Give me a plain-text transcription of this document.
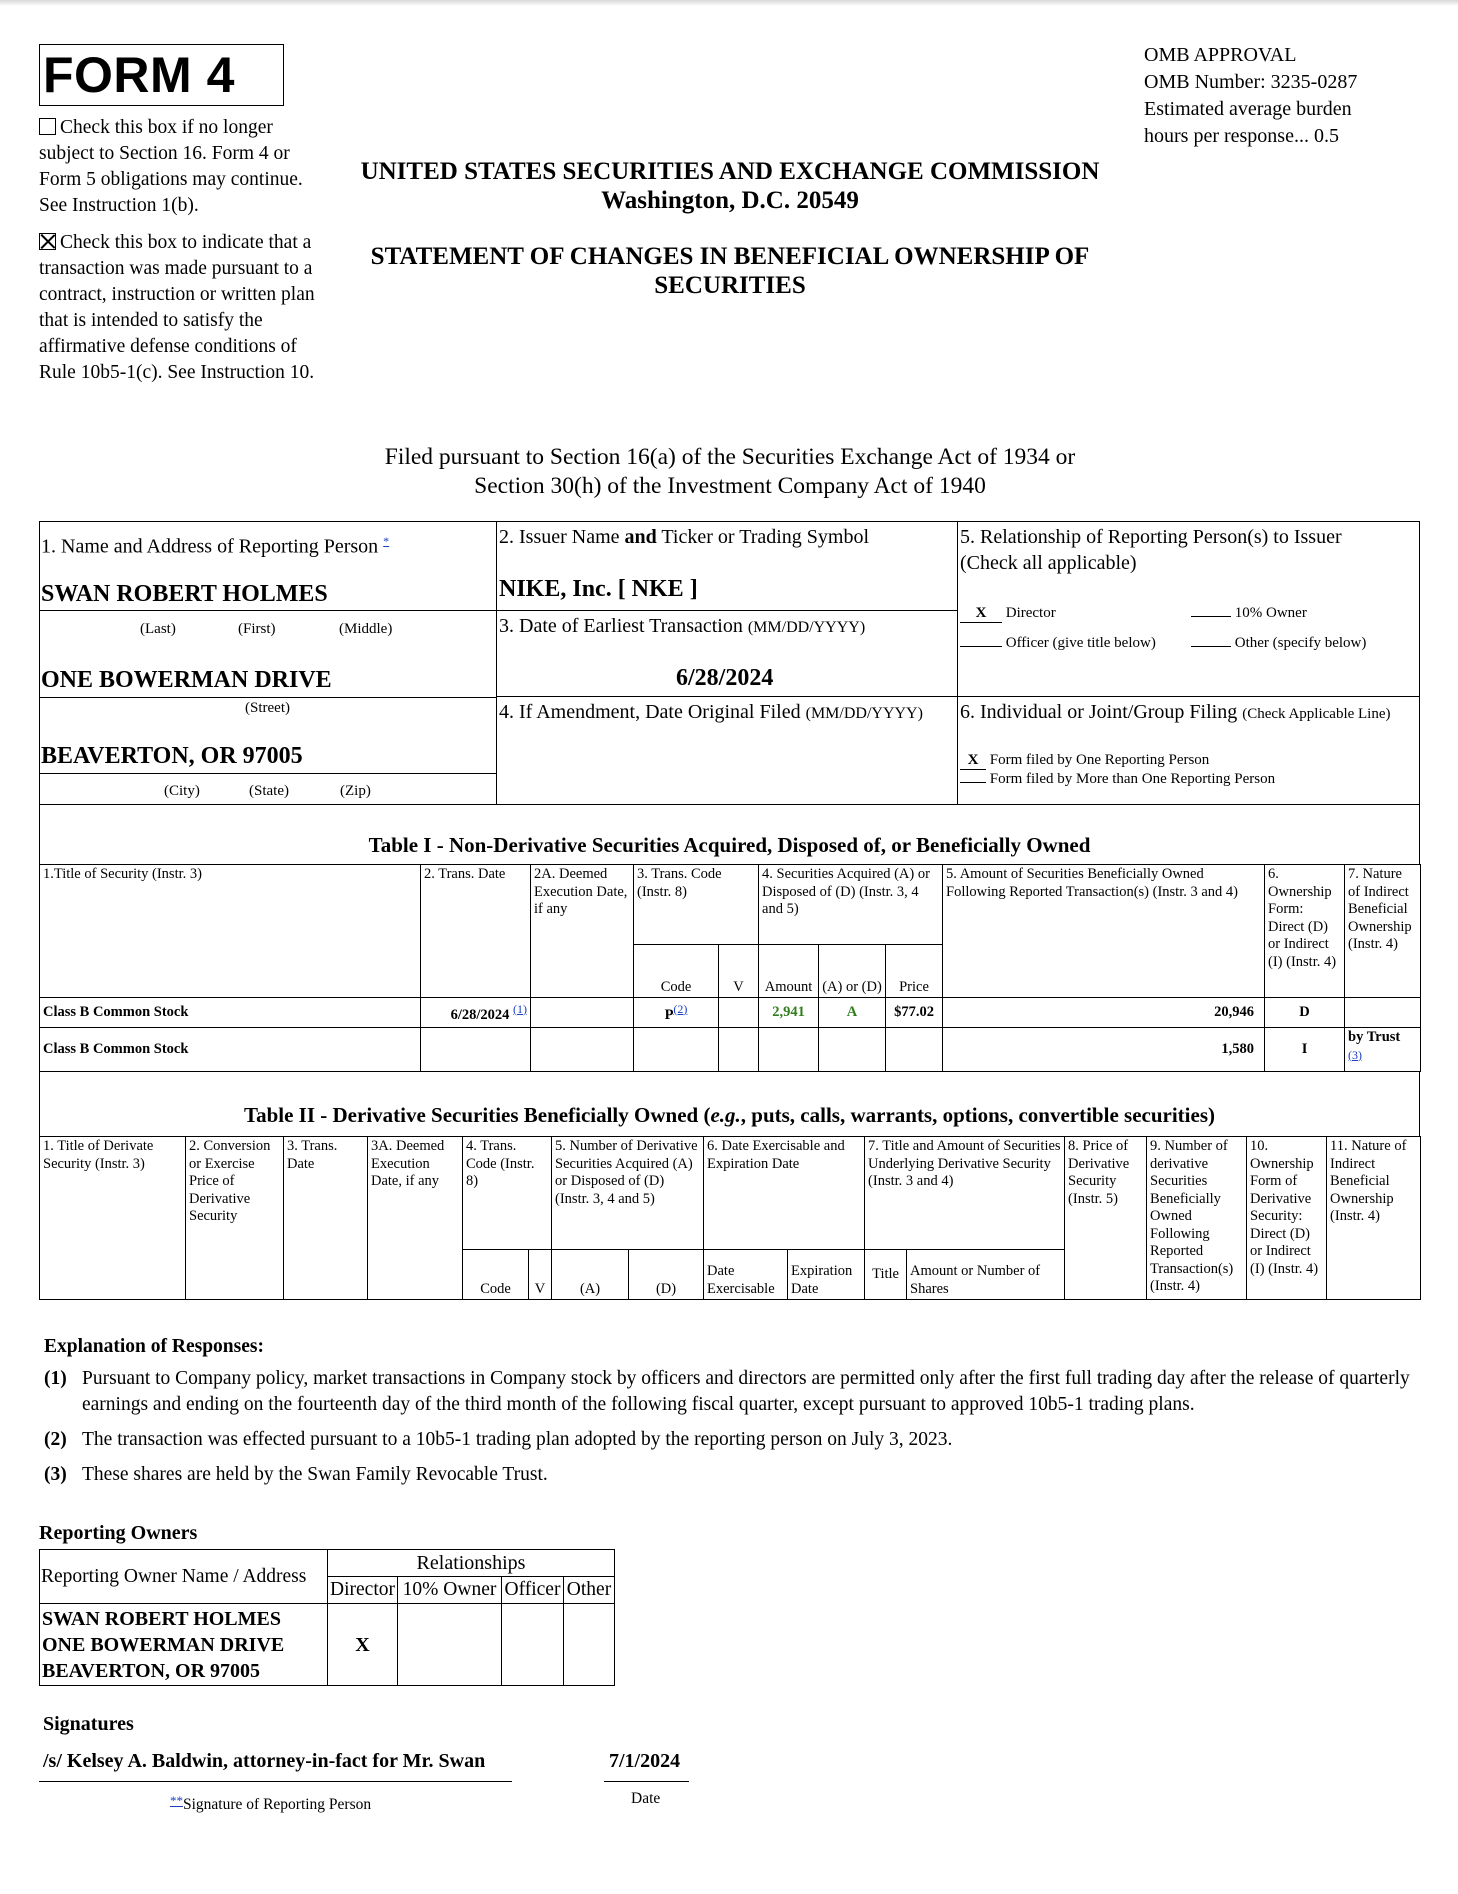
FORM 4	OMB APPROVAL
OMB Number: 3235-0287
Estimated average burden
hours per response... 0.5
Check this box if no longer subject to Section 16. Form 4 or Form 5 obligations may continue. See Instruction 1(b).
Check this box to indicate that a transaction was made pursuant to a contract, instruction or written plan that is intended to satisfy the affirmative defense conditions of Rule 10b5-1(c). See Instruction 10.
UNITED STATES SECURITIES AND EXCHANGE COMMISSION
Washington, D.C. 20549
STATEMENT OF CHANGES IN BENEFICIAL OWNERSHIP OF
SECURITIES
Filed pursuant to Section 16(a) of the Securities Exchange Act of 1934 or
Section 30(h) of the Investment Company Act of 1940
1. Name and Address of Reporting Person *
SWAN ROBERT HOLMES
(Last)	(First)	(Middle)
ONE BOWERMAN DRIVE
(Street)
BEAVERTON, OR 97005
(City)	(State)	(Zip)
2. Issuer Name and Ticker or Trading Symbol
NIKE, Inc. [ NKE ]
3. Date of Earliest Transaction (MM/DD/YYYY)
6/28/2024
4. If Amendment, Date Original Filed (MM/DD/YYYY)
5. Relationship of Reporting Person(s) to Issuer
(Check all applicable)
X Director	10% Owner
Officer (give title below)	Other (specify below)
6. Individual or Joint/Group Filing (Check Applicable Line)
X Form filed by One Reporting Person
Form filed by More than One Reporting Person
Table I - Non-Derivative Securities Acquired, Disposed of, or Beneficially Owned
1.Title of Security (Instr. 3)	2. Trans. Date	2A. Deemed Execution Date, if any	3. Trans. Code (Instr. 8)		4. Securities Acquired (A) or Disposed of (D) (Instr. 3, 4 and 5)			5. Amount of Securities Beneficially Owned Following Reported Transaction(s) (Instr. 3 and 4)	6. Ownership Form: Direct (D) or Indirect (I) (Instr. 4)	7. Nature of Indirect Beneficial Ownership (Instr. 4)
			Code	V	Amount	(A) or (D)	Price			
Class B Common Stock	6/28/2024 $^{(1)}$		P$^{(2)}$		2,941	A	$77.02	20,946	D	
Class B Common Stock								1,580	I	by Trust $^{(3)}$
Table II - Derivative Securities Beneficially Owned (e.g., puts, calls, warrants, options, convertible securities)
1. Title of Derivate Security (Instr. 3)	2. Conversion or Exercise Price of Derivative Security	3. Trans. Date	3A. Deemed Execution Date, if any	4. Trans. Code (Instr. 8)		5. Number of Derivative Securities Acquired (A) or Disposed of (D) (Instr. 3, 4 and 5)		6. Date Exercisable and Expiration Date		7. Title and Amount of Securities Underlying Derivative Security (Instr. 3 and 4)		8. Price of Derivative Security (Instr. 5)	9. Number of derivative Securities Beneficially Owned Following Reported Transaction(s) (Instr. 4)	10. Ownership Form of Derivative Security: Direct (D) or Indirect (I) (Instr. 4)	11. Nature of Indirect Beneficial Ownership (Instr. 4)
				Code	V	(A)	(D)	Date Exercisable	Expiration Date	Title	Amount or Number of Shares				
Explanation of Responses:
(1) Pursuant to Company policy, market transactions in Company stock by officers and directors are permitted only after the first full trading day after the release of quarterly earnings and ending on the fourteenth day of the third month of the following fiscal quarter, except pursuant to approved 10b5-1 trading plans.
(2) The transaction was effected pursuant to a 10b5-1 trading plan adopted by the reporting person on July 3, 2023.
(3) These shares are held by the Swan Family Revocable Trust.
Reporting Owners
Reporting Owner Name / Address	Relationships			
	Director	10% Owner	Officer	Other

SWAN ROBERT HOLMES
ONE BOWERMAN DRIVE
BEAVERTON, OR 97005	X			
Signatures
/s/ Kelsey A. Baldwin, attorney-in-fact for Mr. Swan	7/1/2024
**Signature of Reporting Person	Date
